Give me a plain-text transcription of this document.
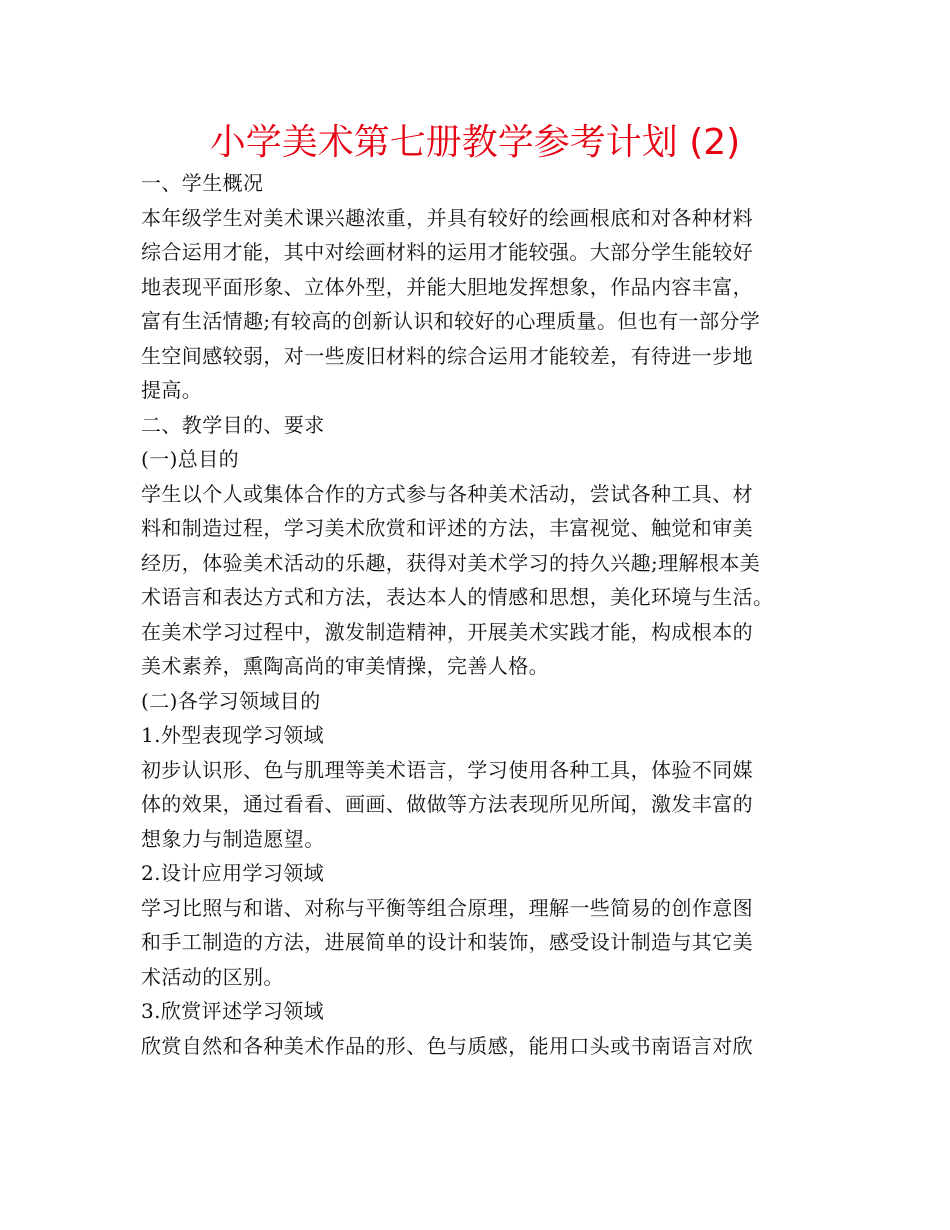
小学美术第七册教学参考计划 (2)
一、学生概况
本年级学生对美术课兴趣浓重，并具有较好的绘画根底和对各种材料
综合运用才能，其中对绘画材料的运用才能较强。大部分学生能较好
地表现平面形象、立体外型，并能大胆地发挥想象，作品内容丰富，
富有生活情趣;有较高的创新认识和较好的心理质量。但也有一部分学
生空间感较弱，对一些废旧材料的综合运用才能较差，有待进一步地
提高。
二、教学目的、要求
(一)总目的
学生以个人或集体合作的方式参与各种美术活动，尝试各种工具、材
料和制造过程，学习美术欣赏和评述的方法，丰富视觉、触觉和审美
经历，体验美术活动的乐趣，获得对美术学习的持久兴趣;理解根本美
术语言和表达方式和方法，表达本人的情感和思想，美化环境与生活。
在美术学习过程中，激发制造精神，开展美术实践才能，构成根本的
美术素养，熏陶高尚的审美情操，完善人格。
(二)各学习领域目的
1.外型表现学习领域
初步认识形、色与肌理等美术语言，学习使用各种工具，体验不同媒
体的效果，通过看看、画画、做做等方法表现所见所闻，激发丰富的
想象力与制造愿望。
2.设计应用学习领域
学习比照与和谐、对称与平衡等组合原理，理解一些简易的创作意图
和手工制造的方法，进展简单的设计和装饰，感受设计制造与其它美
术活动的区别。
3.欣赏评述学习领域
欣赏自然和各种美术作品的形、色与质感，能用口头或书南语言对欣
